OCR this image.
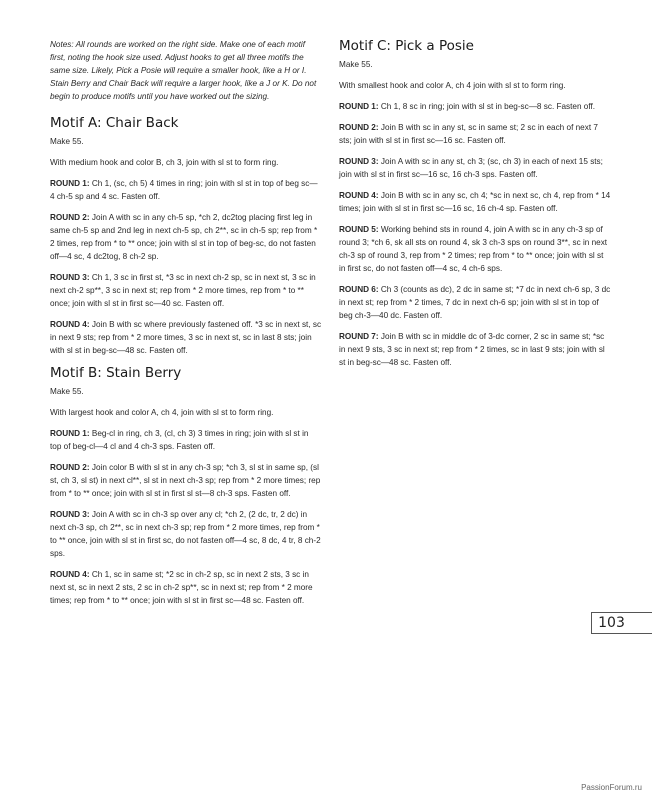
Notes: All rounds are worked on the right side. Make one of each motif first, noting the hook size used. Adjust hooks to get all three motifs the same size. Likely, Pick a Posie will require a smaller hook, like a H or I. Stain Berry and Chair Back will require a larger hook, like a J or K. Do not begin to produce motifs until you have worked out the sizing.

Motif A: Chair Back

Make 55.

With medium hook and color B, ch 3, join with sl st to form ring.

ROUND 1: Ch 1, (sc, ch 5) 4 times in ring; join with sl st in top of beg sc—4 ch-5 sp and 4 sc. Fasten off.

ROUND 2: Join A with sc in any ch-5 sp, *ch 2, dc2tog placing first leg in same ch-5 sp and 2nd leg in next ch-5 sp, ch 2**, sc in ch-5 sp; rep from * 2 times, rep from * to ** once; join with sl st in top of beg-sc, do not fasten off—4 sc, 4 dc2tog, 8 ch-2 sp.

ROUND 3: Ch 1, 3 sc in first st, *3 sc in next ch-2 sp, sc in next st, 3 sc in next ch-2 sp**, 3 sc in next st; rep from * 2 more times, rep from * to ** once; join with sl st in first sc—40 sc. Fasten off.

ROUND 4: Join B with sc where previously fastened off. *3 sc in next st, sc in next 9 sts; rep from * 2 more times, 3 sc in next st, sc in last 8 sts; join with sl st in beg-sc—48 sc. Fasten off.

Motif B: Stain Berry

Make 55.

With largest hook and color A, ch 4, join with sl st to form ring.

ROUND 1: Beg-cl in ring, ch 3, (cl, ch 3) 3 times in ring; join with sl st in top of beg-cl—4 cl and 4 ch-3 sps. Fasten off.

ROUND 2: Join color B with sl st in any ch-3 sp; *ch 3, sl st in same sp, (sl st, ch 3, sl st) in next cl**, sl st in next ch-3 sp; rep from * 2 more times; rep from * to ** once; join with sl st in first sl st—8 ch-3 sps. Fasten off.

ROUND 3: Join A with sc in ch-3 sp over any cl; *ch 2, (2 dc, tr, 2 dc) in next ch-3 sp, ch 2**, sc in next ch-3 sp; rep from * 2 more times, rep from * to ** once, join with sl st in first sc, do not fasten off—4 sc, 8 dc, 4 tr, 8 ch-2 sps.

ROUND 4: Ch 1, sc in same st; *2 sc in ch-2 sp, sc in next 2 sts, 3 sc in next st, sc in next 2 sts, 2 sc in ch-2 sp**, sc in next st; rep from * 2 more times; rep from * to ** once; join with sl st in first sc—48 sc. Fasten off.

Motif C: Pick a Posie

Make 55.

With smallest hook and color A, ch 4 join with sl st to form ring.

ROUND 1: Ch 1, 8 sc in ring; join with sl st in beg-sc—8 sc. Fasten off.

ROUND 2: Join B with sc in any st, sc in same st; 2 sc in each of next 7 sts; join with sl st in first sc—16 sc. Fasten off.

ROUND 3: Join A with sc in any st, ch 3; (sc, ch 3) in each of next 15 sts; join with sl st in first sc—16 sc, 16 ch-3 sps. Fasten off.

ROUND 4: Join B with sc in any sc, ch 4; *sc in next sc, ch 4, rep from * 14 times; join with sl st in first sc—16 sc, 16 ch-4 sp. Fasten off.

ROUND 5: Working behind sts in round 4, join A with sc in any ch-3 sp of round 3; *ch 6, sk all sts on round 4, sk 3 ch-3 sps on round 3**, sc in next ch-3 sp of round 3, rep from * 2 times; rep from * to ** once; join with sl st in first sc, do not fasten off—4 sc, 4 ch-6 sps.

ROUND 6: Ch 3 (counts as dc), 2 dc in same st; *7 dc in next ch-6 sp, 3 dc in next st; rep from * 2 times, 7 dc in next ch-6 sp; join with sl st in top of beg ch-3—40 dc. Fasten off.

ROUND 7: Join B with sc in middle dc of 3-dc corner, 2 sc in same st; *sc in next 9 sts, 3 sc in next st; rep from * 2 times, sc in last 9 sts; join with sl st in beg-sc—48 sc. Fasten off.

103
PassionForum.ru
